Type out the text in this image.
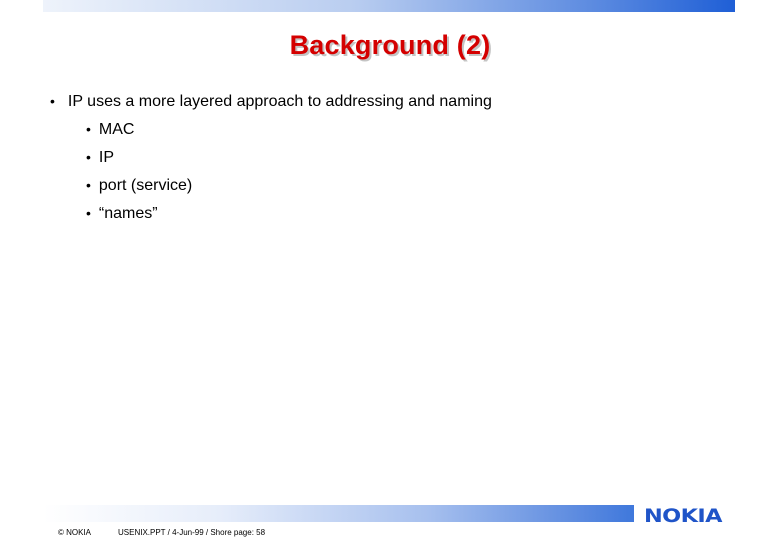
Background (2)
• IP uses a more layered approach to addressing and naming
• MAC
• IP
• port (service)
• “names”
NOKIA
© NOKIA	USENIX.PPT / 4-Jun-99 / Shore page: 58
